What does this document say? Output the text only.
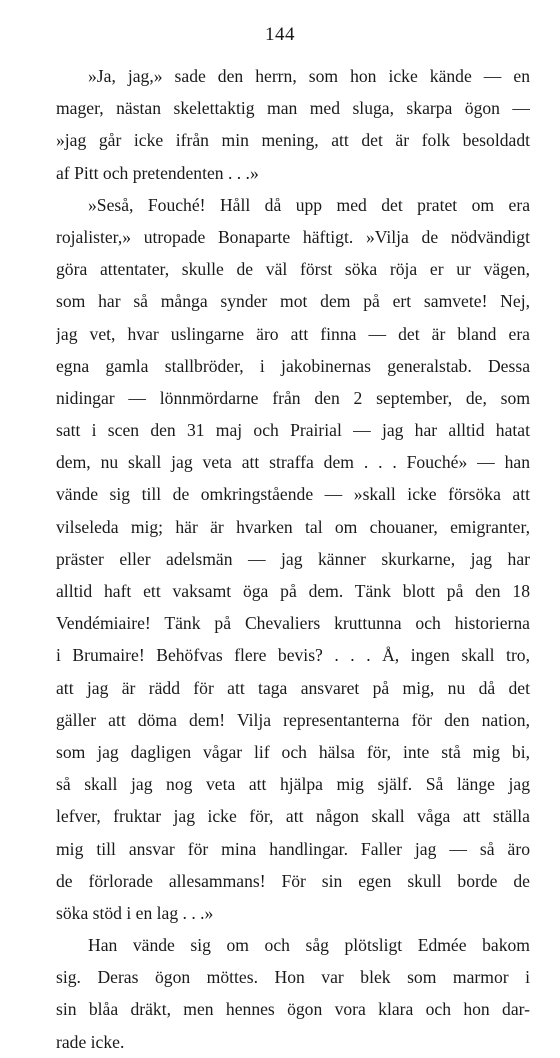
144
»Ja, jag,» sade den herrn, som hon icke kände — en
mager, nästan skelettaktig man med sluga, skarpa ögon —
»jag går icke ifrån min mening, att det är folk besoldadt
af Pitt och pretendenten . . .»
»Seså, Fouché! Håll då upp med det pratet om era
rojalister,» utropade Bonaparte häftigt. »Vilja de nödvändigt
göra attentater, skulle de väl först söka röja er ur vägen,
som har så många synder mot dem på ert samvete! Nej,
jag vet, hvar uslingarne äro att finna — det är bland era
egna gamla stallbröder, i jakobinernas generalstab. Dessa
nidingar — lönnmördarne från den 2 september, de, som
satt i scen den 31 maj och Prairial — jag har alltid hatat
dem, nu skall jag veta att straffa dem . . . Fouché» — han
vände sig till de omkringstående — »skall icke försöka att
vilseleda mig; här är hvarken tal om chouaner, emigranter,
präster eller adelsmän — jag känner skurkarne, jag har
alltid haft ett vaksamt öga på dem. Tänk blott på den 18
Vendémiaire! Tänk på Chevaliers kruttunna och historierna
i Brumaire! Behöfvas flere bevis? . . . Å, ingen skall tro,
att jag är rädd för att taga ansvaret på mig, nu då det
gäller att döma dem! Vilja representanterna för den nation,
som jag dagligen vågar lif och hälsa för, inte stå mig bi,
så skall jag nog veta att hjälpa mig själf. Så länge jag
lefver, fruktar jag icke för, att någon skall våga att ställa
mig till ansvar för mina handlingar. Faller jag — så äro
de förlorade allesammans! För sin egen skull borde de
söka stöd i en lag . . .»
Han vände sig om och såg plötsligt Edmée bakom
sig. Deras ögon möttes. Hon var blek som marmor i
sin blåa dräkt, men hennes ögon vora klara och hon dar-
rade icke.
